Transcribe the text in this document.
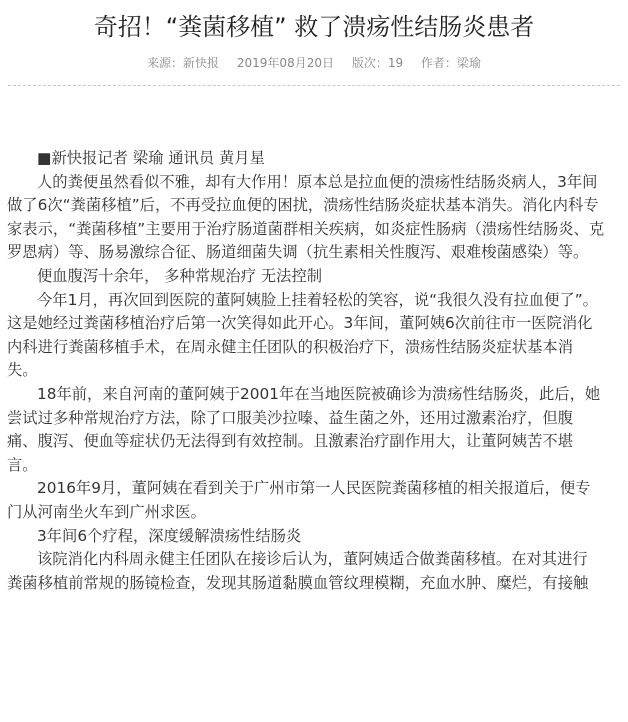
奇招！“粪菌移植” 救了溃疡性结肠炎患者
来源：新快报 2019年08月20日 版次：19 作者：梁瑜

■新快报记者 梁瑜 通讯员 黄月星

人的粪便虽然看似不雅，却有大作用！原本总是拉血便的溃疡性结肠炎病人，3年间

做了6次“粪菌移植”后，不再受拉血便的困扰，溃疡性结肠炎症状基本消失。消化内科专

家表示，“粪菌移植”主要用于治疗肠道菌群相关疾病，如炎症性肠病（溃疡性结肠炎、克

罗恩病）等、肠易激综合征、肠道细菌失调（抗生素相关性腹泻、艰难梭菌感染）等。

便血腹泻十余年， 多种常规治疗 无法控制

今年1月，再次回到医院的董阿姨脸上挂着轻松的笑容，说“我很久没有拉血便了”。

这是她经过粪菌移植治疗后第一次笑得如此开心。3年间，董阿姨6次前往市一医院消化

内科进行粪菌移植手术，在周永健主任团队的积极治疗下，溃疡性结肠炎症状基本消

失。

18年前，来自河南的董阿姨于2001年在当地医院被确诊为溃疡性结肠炎，此后，她

尝试过多种常规治疗方法，除了口服美沙拉嗪、益生菌之外，还用过激素治疗，但腹

痛、腹泻、便血等症状仍无法得到有效控制。且激素治疗副作用大，让董阿姨苦不堪

言。

2016年9月，董阿姨在看到关于广州市第一人民医院粪菌移植的相关报道后，便专

门从河南坐火车到广州求医。

3年间6个疗程，深度缓解溃疡性结肠炎

该院消化内科周永健主任团队在接诊后认为，董阿姨适合做粪菌移植。在对其进行

粪菌移植前常规的肠镜检查，发现其肠道黏膜血管纹理模糊，充血水肿、糜烂，有接触
